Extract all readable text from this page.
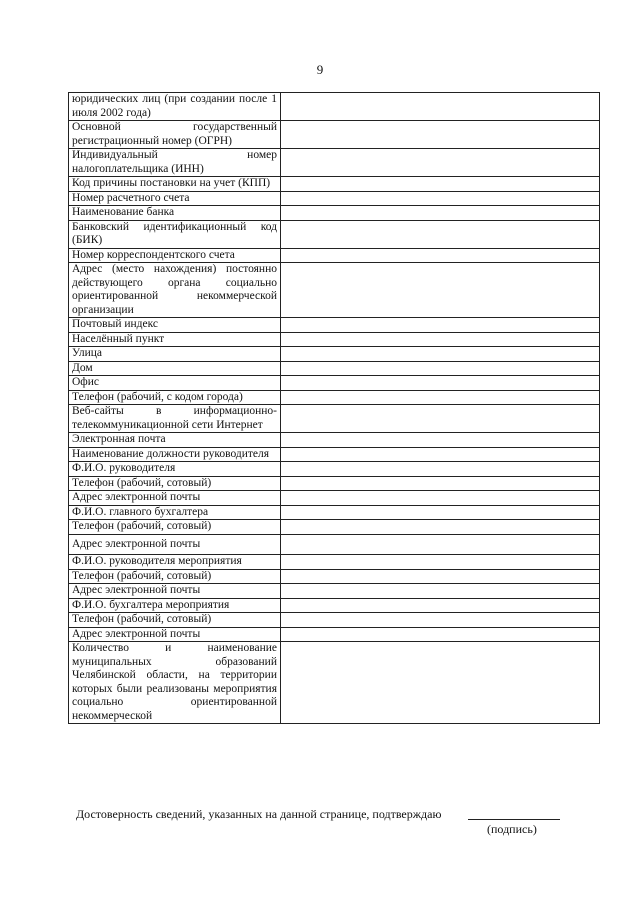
9
юридических лиц (при создании после 1 июля 2002 года)	
Основной государственный регистрационный номер (ОГРН)	
Индивидуальный номер налогоплательщика (ИНН)	
Код причины постановки на учет (КПП)	
Номер расчетного счета	
Наименование банка	
Банковский идентификационный код (БИК)	
Номер корреспондентского счета	
Адрес (место нахождения) постоянно действующего органа социально ориентированной некоммерческой организации	
Почтовый индекс	
Населённый пункт	
Улица	
Дом	
Офис	
Телефон (рабочий, с кодом города)	
Веб-сайты в информационно-телекоммуникационной сети Интернет	
Электронная почта	
Наименование должности руководителя	
Ф.И.О. руководителя	
Телефон (рабочий, сотовый)	
Адрес электронной почты	
Ф.И.О. главного бухгалтера	
Телефон (рабочий, сотовый)	
Адрес электронной почты	
Ф.И.О. руководителя мероприятия	
Телефон (рабочий, сотовый)	
Адрес электронной почты	
Ф.И.О. бухгалтера мероприятия	
Телефон (рабочий, сотовый)	
Адрес электронной почты	
Количество и наименование муниципальных образований Челябинской области, на территории которых были реализованы мероприятия социально ориентированной некоммерческой	
Достоверность сведений, указанных на данной странице, подтверждаю
(подпись)
